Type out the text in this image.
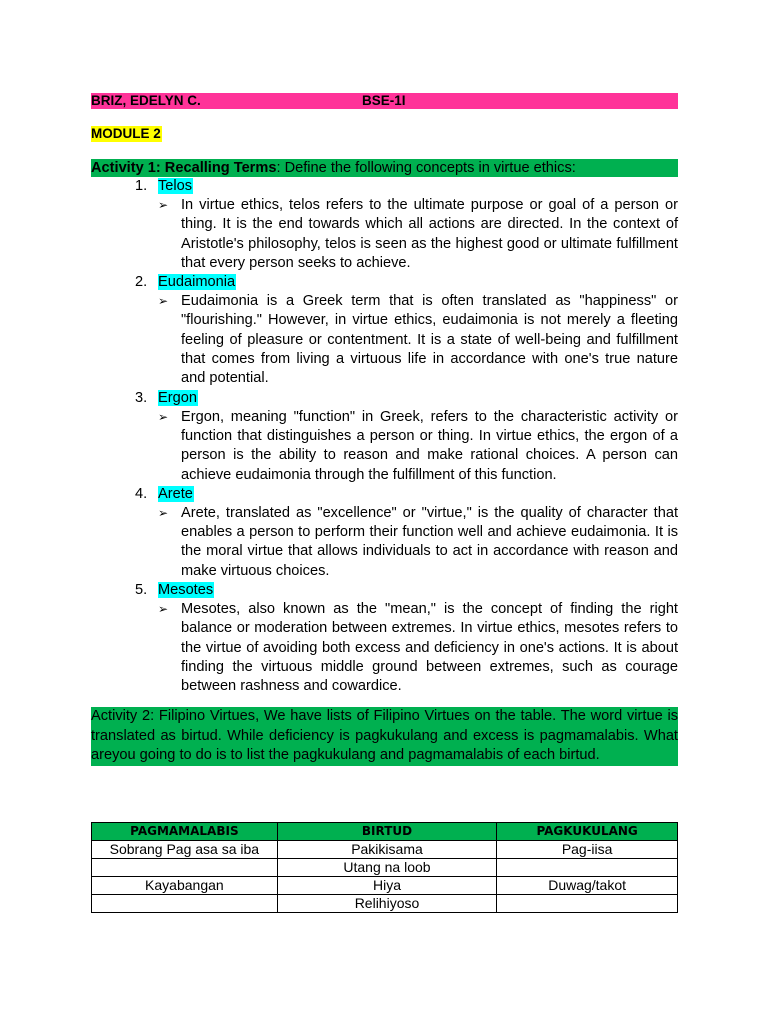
BRIZ, EDELYN C.	BSE-1I
MODULE 2
Activity 1: Recalling Terms: Define the following concepts in virtue ethics:
1. Telos
➢ In virtue ethics, telos refers to the ultimate purpose or goal of a person or thing. It is the end towards which all actions are directed. In the context of Aristotle's philosophy, telos is seen as the highest good or ultimate fulfillment that every person seeks to achieve.
2. Eudaimonia
➢ Eudaimonia is a Greek term that is often translated as "happiness" or "flourishing." However, in virtue ethics, eudaimonia is not merely a fleeting feeling of pleasure or contentment. It is a state of well-being and fulfillment that comes from living a virtuous life in accordance with one's true nature and potential.
3. Ergon
➢ Ergon, meaning "function" in Greek, refers to the characteristic activity or function that distinguishes a person or thing. In virtue ethics, the ergon of a person is the ability to reason and make rational choices. A person can achieve eudaimonia through the fulfillment of this function.
4. Arete
➢ Arete, translated as "excellence" or "virtue," is the quality of character that enables a person to perform their function well and achieve eudaimonia. It is the moral virtue that allows individuals to act in accordance with reason and make virtuous choices.
5. Mesotes
➢ Mesotes, also known as the "mean," is the concept of finding the right balance or moderation between extremes. In virtue ethics, mesotes refers to the virtue of avoiding both excess and deficiency in one's actions. It is about finding the virtuous middle ground between extremes, such as courage between rashness and cowardice.
Activity 2: Filipino Virtues, We have lists of Filipino Virtues on the table. The word virtue is translated as birtud. While deficiency is pagkukulang and excess is pagmamalabis. What areyou going to do is to list the pagkukulang and pagmamalabis of each birtud.
PAGMAMALABIS	BIRTUD	PAGKUKULANG
Sobrang Pag asa sa iba	Pakikisama	Pag-iisa
	Utang na loob	
Kayabangan	Hiya	Duwag/takot
	Relihiyoso	
